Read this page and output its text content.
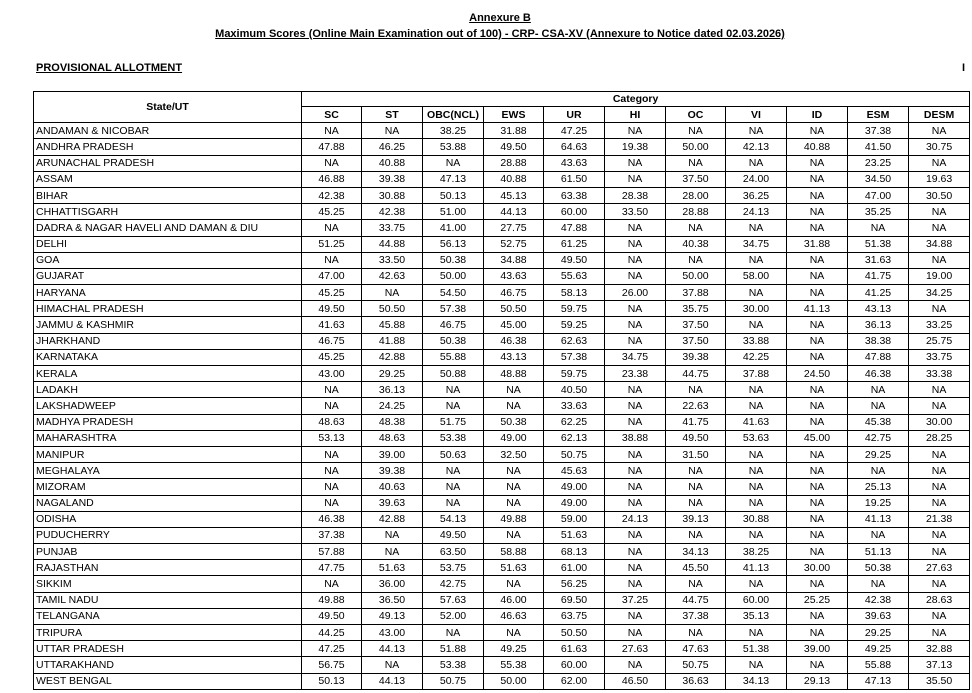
Annexure B
Maximum Scores (Online Main Examination out of 100) - CRP- CSA-XV (Annexure to Notice dated 02.03.2026)
PROVISIONAL ALLOTMENT	I
State/UT	Category										
	SC	ST	OBC(NCL)	EWS	UR	HI	OC	VI	ID	ESM	DESM
ANDAMAN & NICOBAR	NA	NA	38.25	31.88	47.25	NA	NA	NA	NA	37.38	NA
ANDHRA PRADESH	47.88	46.25	53.88	49.50	64.63	19.38	50.00	42.13	40.88	41.50	30.75
ARUNACHAL PRADESH	NA	40.88	NA	28.88	43.63	NA	NA	NA	NA	23.25	NA
ASSAM	46.88	39.38	47.13	40.88	61.50	NA	37.50	24.00	NA	34.50	19.63
BIHAR	42.38	30.88	50.13	45.13	63.38	28.38	28.00	36.25	NA	47.00	30.50
CHHATTISGARH	45.25	42.38	51.00	44.13	60.00	33.50	28.88	24.13	NA	35.25	NA
DADRA & NAGAR HAVELI AND DAMAN & DIU	NA	33.75	41.00	27.75	47.88	NA	NA	NA	NA	NA	NA
DELHI	51.25	44.88	56.13	52.75	61.25	NA	40.38	34.75	31.88	51.38	34.88
GOA	NA	33.50	50.38	34.88	49.50	NA	NA	NA	NA	31.63	NA
GUJARAT	47.00	42.63	50.00	43.63	55.63	NA	50.00	58.00	NA	41.75	19.00
HARYANA	45.25	NA	54.50	46.75	58.13	26.00	37.88	NA	NA	41.25	34.25
HIMACHAL PRADESH	49.50	50.50	57.38	50.50	59.75	NA	35.75	30.00	41.13	43.13	NA
JAMMU & KASHMIR	41.63	45.88	46.75	45.00	59.25	NA	37.50	NA	NA	36.13	33.25
JHARKHAND	46.75	41.88	50.38	46.38	62.63	NA	37.50	33.88	NA	38.38	25.75
KARNATAKA	45.25	42.88	55.88	43.13	57.38	34.75	39.38	42.25	NA	47.88	33.75
KERALA	43.00	29.25	50.88	48.88	59.75	23.38	44.75	37.88	24.50	46.38	33.38
LADAKH	NA	36.13	NA	NA	40.50	NA	NA	NA	NA	NA	NA
LAKSHADWEEP	NA	24.25	NA	NA	33.63	NA	22.63	NA	NA	NA	NA
MADHYA PRADESH	48.63	48.38	51.75	50.38	62.25	NA	41.75	41.63	NA	45.38	30.00
MAHARASHTRA	53.13	48.63	53.38	49.00	62.13	38.88	49.50	53.63	45.00	42.75	28.25
MANIPUR	NA	39.00	50.63	32.50	50.75	NA	31.50	NA	NA	29.25	NA
MEGHALAYA	NA	39.38	NA	NA	45.63	NA	NA	NA	NA	NA	NA
MIZORAM	NA	40.63	NA	NA	49.00	NA	NA	NA	NA	25.13	NA
NAGALAND	NA	39.63	NA	NA	49.00	NA	NA	NA	NA	19.25	NA
ODISHA	46.38	42.88	54.13	49.88	59.00	24.13	39.13	30.88	NA	41.13	21.38
PUDUCHERRY	37.38	NA	49.50	NA	51.63	NA	NA	NA	NA	NA	NA
PUNJAB	57.88	NA	63.50	58.88	68.13	NA	34.13	38.25	NA	51.13	NA
RAJASTHAN	47.75	51.63	53.75	51.63	61.00	NA	45.50	41.13	30.00	50.38	27.63
SIKKIM	NA	36.00	42.75	NA	56.25	NA	NA	NA	NA	NA	NA
TAMIL NADU	49.88	36.50	57.63	46.00	69.50	37.25	44.75	60.00	25.25	42.38	28.63
TELANGANA	49.50	49.13	52.00	46.63	63.75	NA	37.38	35.13	NA	39.63	NA
TRIPURA	44.25	43.00	NA	NA	50.50	NA	NA	NA	NA	29.25	NA
UTTAR PRADESH	47.25	44.13	51.88	49.25	61.63	27.63	47.63	51.38	39.00	49.25	32.88
UTTARAKHAND	56.75	NA	53.38	55.38	60.00	NA	50.75	NA	NA	55.88	37.13
WEST BENGAL	50.13	44.13	50.75	50.00	62.00	46.50	36.63	34.13	29.13	47.13	35.50
